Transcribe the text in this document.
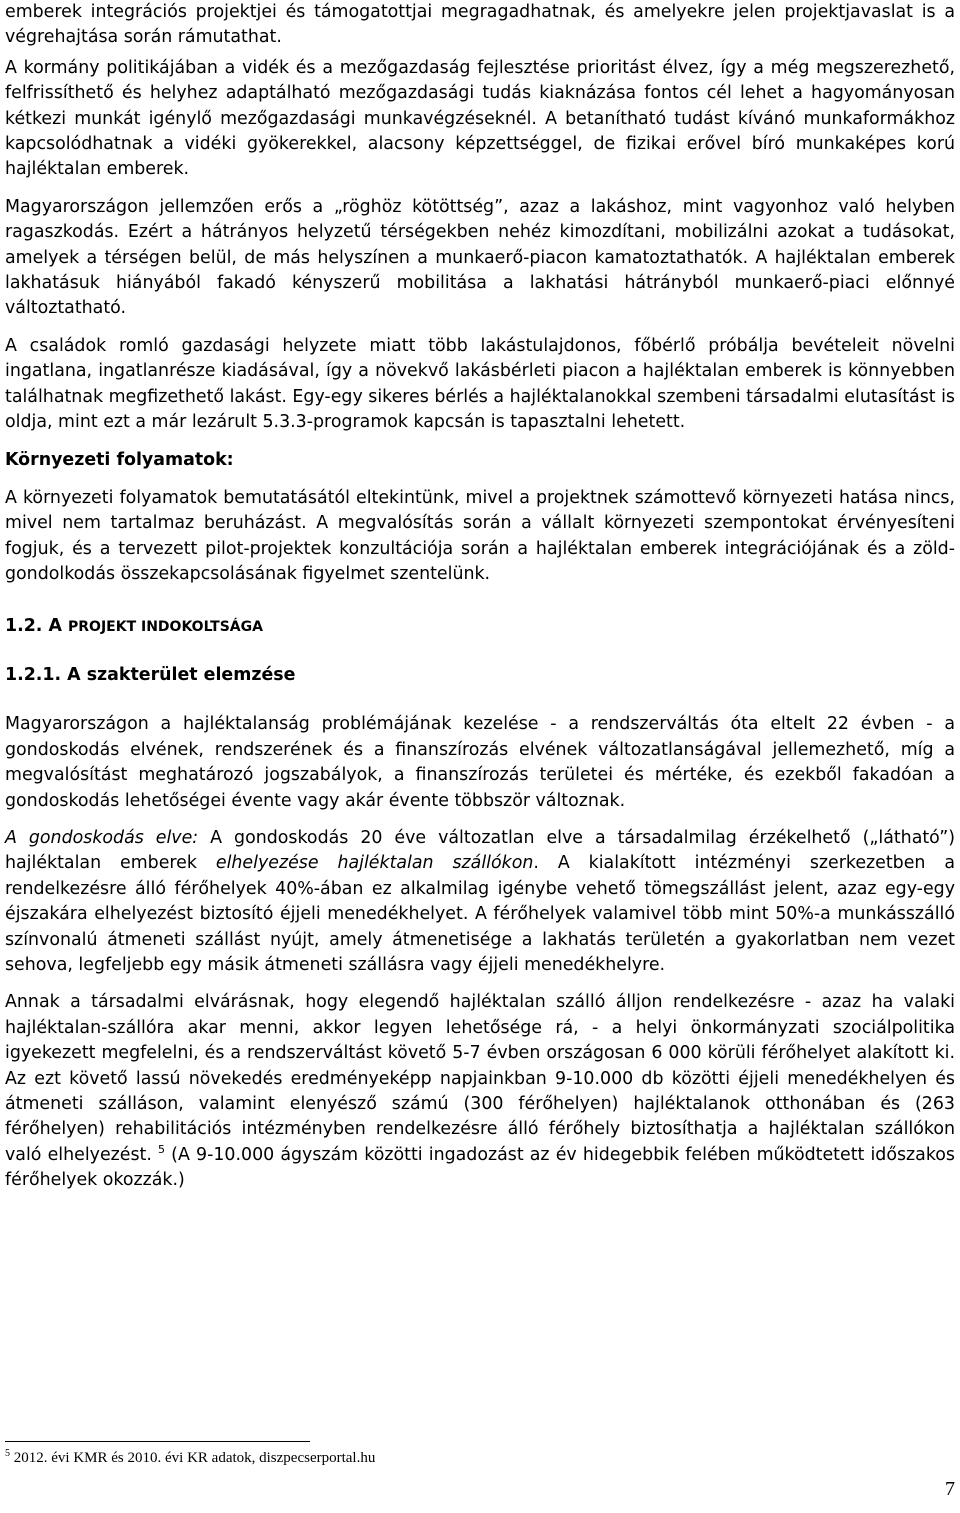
emberek integrációs projektjei és támogatottjai megragadhatnak, és amelyekre jelen projektjavaslat is a végrehajtása során rámutathat.

A kormány politikájában a vidék és a mezőgazdaság fejlesztése prioritást élvez, így a még megszerezhető, felfrissíthető és helyhez adaptálható mezőgazdasági tudás kiaknázása fontos cél lehet a hagyományosan kétkezi munkát igénylő mezőgazdasági munkavégzéseknél. A betanítható tudást kívánó munkaformákhoz kapcsolódhatnak a vidéki gyökerekkel, alacsony képzettséggel, de fizikai erővel bíró munkaképes korú hajléktalan emberek.

Magyarországon jellemzően erős a „röghöz kötöttség”, azaz a lakáshoz, mint vagyonhoz való helyben ragaszkodás. Ezért a hátrányos helyzetű térségekben nehéz kimozdítani, mobilizálni azokat a tudásokat, amelyek a térségen belül, de más helyszínen a munkaerő-piacon kamatoztathatók. A hajléktalan emberek lakhatásuk hiányából fakadó kényszerű mobilitása a lakhatási hátrányból munkaerő-piaci előnnyé változtatható.

A családok romló gazdasági helyzete miatt több lakástulajdonos, főbérlő próbálja bevételeit növelni ingatlana, ingatlanrésze kiadásával, így a növekvő lakásbérleti piacon a hajléktalan emberek is könnyebben találhatnak megfizethető lakást. Egy-egy sikeres bérlés a hajléktalanokkal szembeni társadalmi elutasítást is oldja, mint ezt a már lezárult 5.3.3-programok kapcsán is tapasztalni lehetett.

Környezeti folyamatok:

A környezeti folyamatok bemutatásától eltekintünk, mivel a projektnek számottevő környezeti hatása nincs, mivel nem tartalmaz beruházást. A megvalósítás során a vállalt környezeti szempontokat érvényesíteni fogjuk, és a tervezett pilot-projektek konzultációja során a hajléktalan emberek integrációjának és a zöld-gondolkodás összekapcsolásának figyelmet szentelünk.

1.2. A PROJEKT INDOKOLTSÁGA
1.2.1. A szakterület elemzése

Magyarországon a hajléktalanság problémájának kezelése - a rendszerváltás óta eltelt 22 évben - a gondoskodás elvének, rendszerének és a finanszírozás elvének változatlanságával jellemezhető, míg a megvalósítást meghatározó jogszabályok, a finanszírozás területei és mértéke, és ezekből fakadóan a gondoskodás lehetőségei évente vagy akár évente többször változnak.

A gondoskodás elve: A gondoskodás 20 éve változatlan elve a társadalmilag érzékelhető („látható”) hajléktalan emberek elhelyezése hajléktalan szállókon. A kialakított intézményi szerkezetben a rendelkezésre álló férőhelyek 40%-ában ez alkalmilag igénybe vehető tömegszállást jelent, azaz egy-egy éjszakára elhelyezést biztosító éjjeli menedékhelyet. A férőhelyek valamivel több mint 50%-a munkásszálló színvonalú átmeneti szállást nyújt, amely átmenetisége a lakhatás területén a gyakorlatban nem vezet sehova, legfeljebb egy másik átmeneti szállásra vagy éjjeli menedékhelyre.

Annak a társadalmi elvárásnak, hogy elegendő hajléktalan szálló álljon rendelkezésre - azaz ha valaki hajléktalan-szállóra akar menni, akkor legyen lehetősége rá, - a helyi önkormányzati szociálpolitika igyekezett megfelelni, és a rendszerváltást követő 5-7 évben országosan 6 000 körüli férőhelyet alakított ki. Az ezt követő lassú növekedés eredményeképp napjainkban 9-10.000 db közötti éjjeli menedékhelyen és átmeneti szálláson, valamint elenyésző számú (300 férőhelyen) hajléktalanok otthonában és (263 férőhelyen) rehabilitációs intézményben rendelkezésre álló férőhely biztosíthatja a hajléktalan szállókon való elhelyezést. $^5$ (A 9-10.000 ágyszám közötti ingadozást az év hidegebbik felében működtetett időszakos férőhelyek okozzák.)

$^5$ 2012. évi KMR és 2010. évi KR adatok, diszpecserportal.hu
7
